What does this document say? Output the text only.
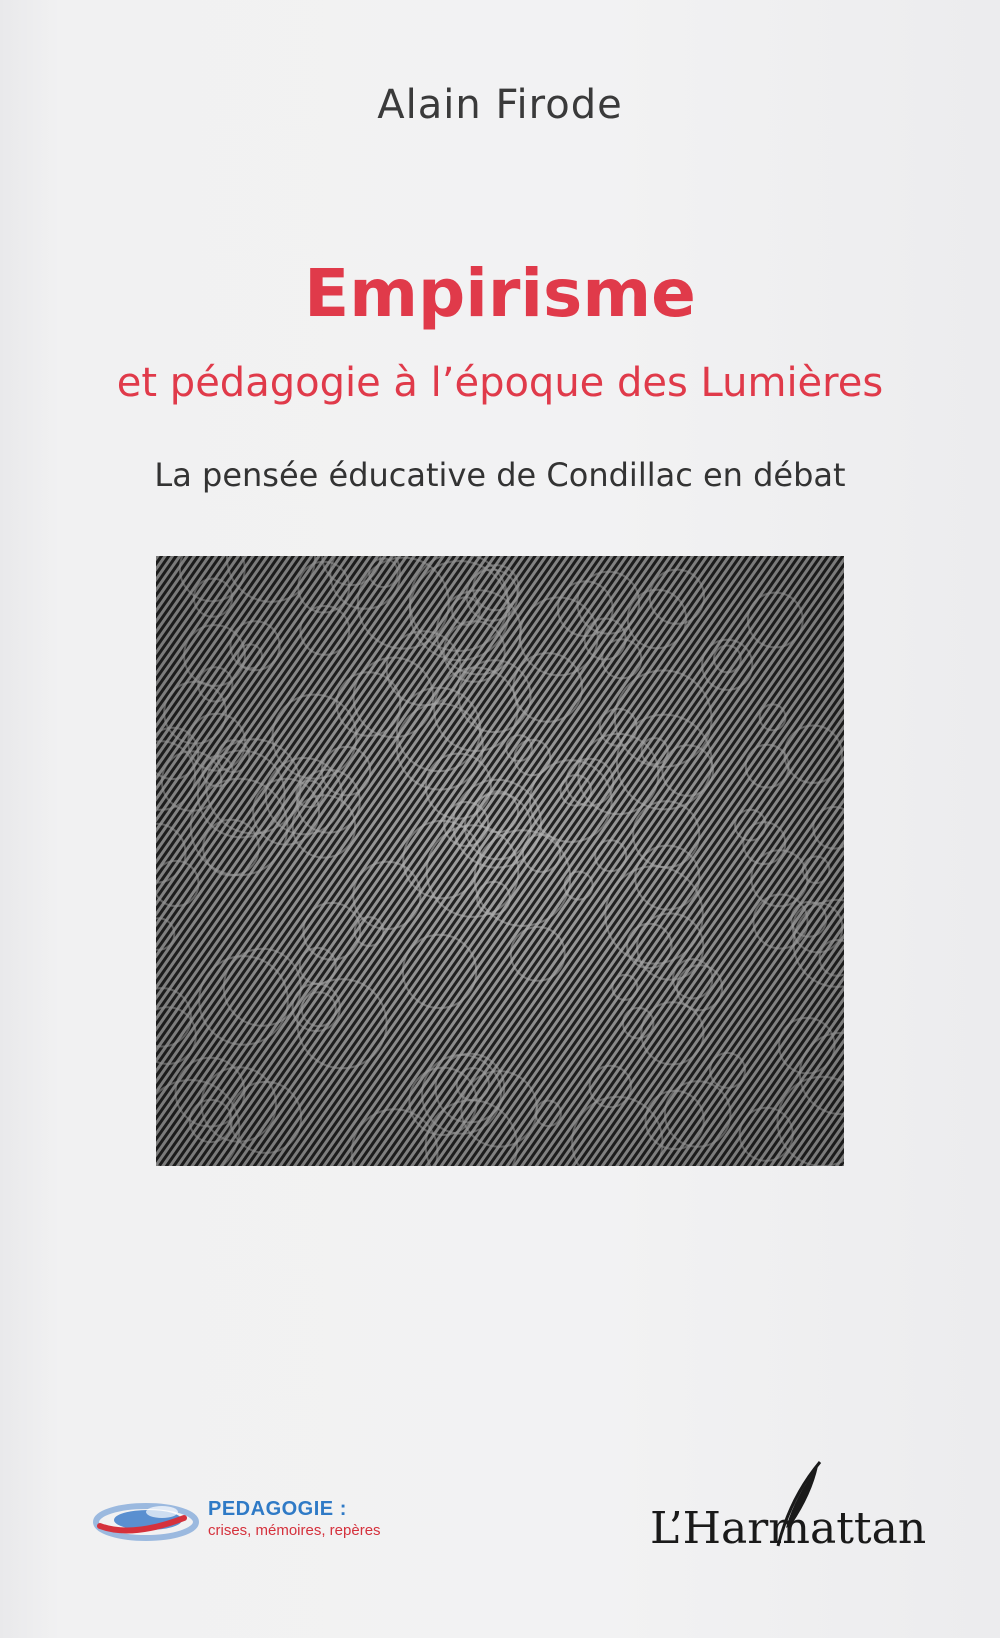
Alain Firode
Empirisme
et pédagogie à l’époque des Lumières
La pensée éducative de Condillac en débat
PEDAGOGIE :
crises, mémoires, repères	L’Harmattan
